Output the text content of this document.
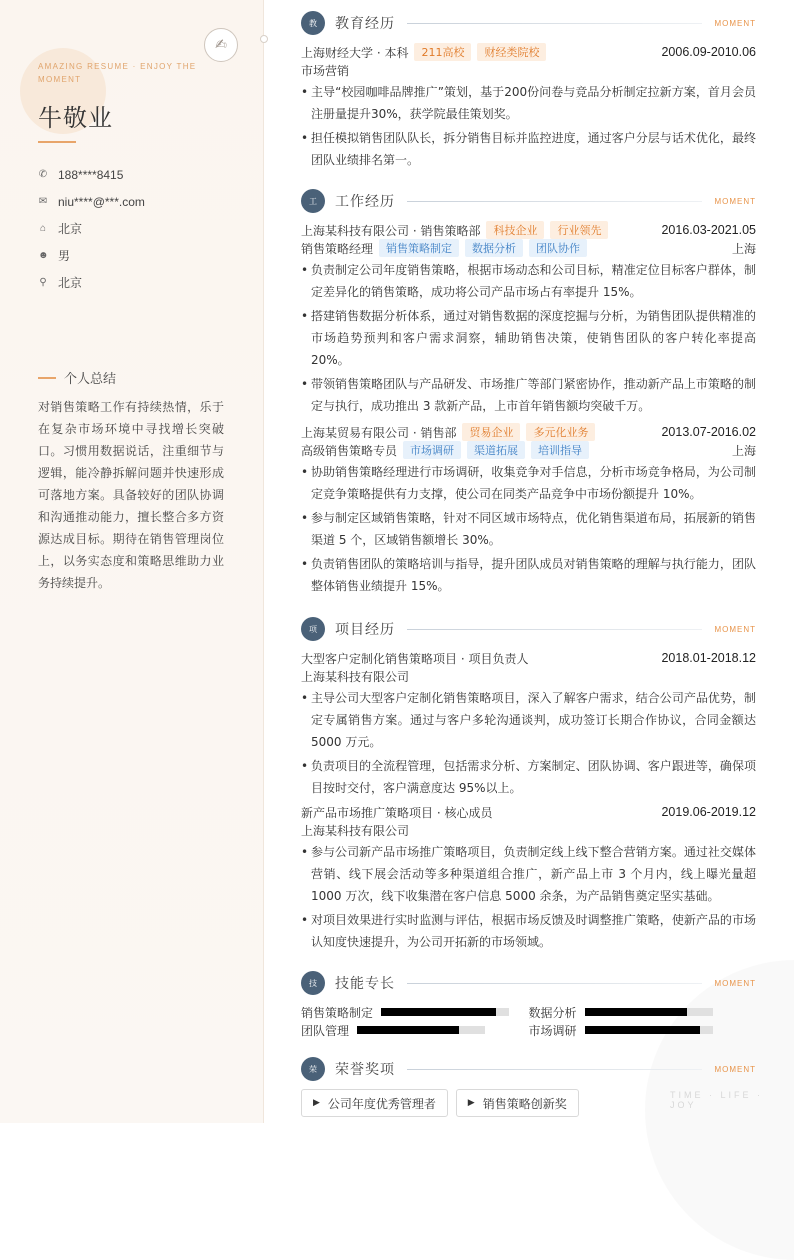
✍
AMAZING RESUME · ENJOY THE MOMENT
牛敬业
✆ 188****8415
✉ niu****@***.com
⌂ 北京
☻ 男
⚲ 北京
个人总结
对销售策略工作有持续热情，乐于在复杂市场环境中寻找增长突破口。习惯用数据说话，注重细节与逻辑，能冷静拆解问题并快速形成可落地方案。具备较好的团队协调和沟通推动能力，擅长整合多方资源达成目标。期待在销售管理岗位上，以务实态度和策略思维助力业务持续提升。
TIME · LIFE · JOY
教	教育经历	MOMENT
上海财经大学 · 本科	211高校	财经类院校	2006.09-2010.06
市场营销
• 主导“校园咖啡品牌推广”策划，基于200份问卷与竞品分析制定拉新方案，首月会员注册量提升30%，获学院最佳策划奖。
• 担任模拟销售团队队长，拆分销售目标并监控进度，通过客户分层与话术优化，最终团队业绩排名第一。
工	工作经历	MOMENT
上海某科技有限公司 · 销售策略部	科技企业	行业领先	2016.03-2021.05
销售策略经理	销售策略制定	数据分析	团队协作	上海
• 负责制定公司年度销售策略，根据市场动态和公司目标，精准定位目标客户群体，制定差异化的销售策略，成功将公司产品市场占有率提升 15%。
• 搭建销售数据分析体系，通过对销售数据的深度挖掘与分析，为销售团队提供精准的市场趋势预判和客户需求洞察，辅助销售决策，使销售团队的客户转化率提高 20%。
• 带领销售策略团队与产品研发、市场推广等部门紧密协作，推动新产品上市策略的制定与执行，成功推出 3 款新产品，上市首年销售额均突破千万。
上海某贸易有限公司 · 销售部	贸易企业	多元化业务	2013.07-2016.02
高级销售策略专员	市场调研	渠道拓展	培训指导	上海
• 协助销售策略经理进行市场调研，收集竞争对手信息，分析市场竞争格局，为公司制定竞争策略提供有力支撑，使公司在同类产品竞争中市场份额提升 10%。
• 参与制定区域销售策略，针对不同区域市场特点，优化销售渠道布局，拓展新的销售渠道 5 个，区域销售额增长 30%。
• 负责销售团队的策略培训与指导，提升团队成员对销售策略的理解与执行能力，团队整体销售业绩提升 15%。
项	项目经历	MOMENT
大型客户定制化销售策略项目 · 项目负责人	2018.01-2018.12
上海某科技有限公司
• 主导公司大型客户定制化销售策略项目，深入了解客户需求，结合公司产品优势，制定专属销售方案。通过与客户多轮沟通谈判，成功签订长期合作协议，合同金额达 5000 万元。
• 负责项目的全流程管理，包括需求分析、方案制定、团队协调、客户跟进等，确保项目按时交付，客户满意度达 95%以上。
新产品市场推广策略项目 · 核心成员	2019.06-2019.12
上海某科技有限公司
• 参与公司新产品市场推广策略项目，负责制定线上线下整合营销方案。通过社交媒体营销、线下展会活动等多种渠道组合推广，新产品上市 3 个月内，线上曝光量超 1000 万次，线下收集潜在客户信息 5000 余条，为产品销售奠定坚实基础。
• 对项目效果进行实时监测与评估，根据市场反馈及时调整推广策略，使新产品的市场认知度快速提升，为公司开拓新的市场领域。
技	技能专长	MOMENT
销售策略制定	数据分析
团队管理	市场调研
荣	荣誉奖项	MOMENT
▶ 公司年度优秀管理者
	▶ 销售策略创新奖
